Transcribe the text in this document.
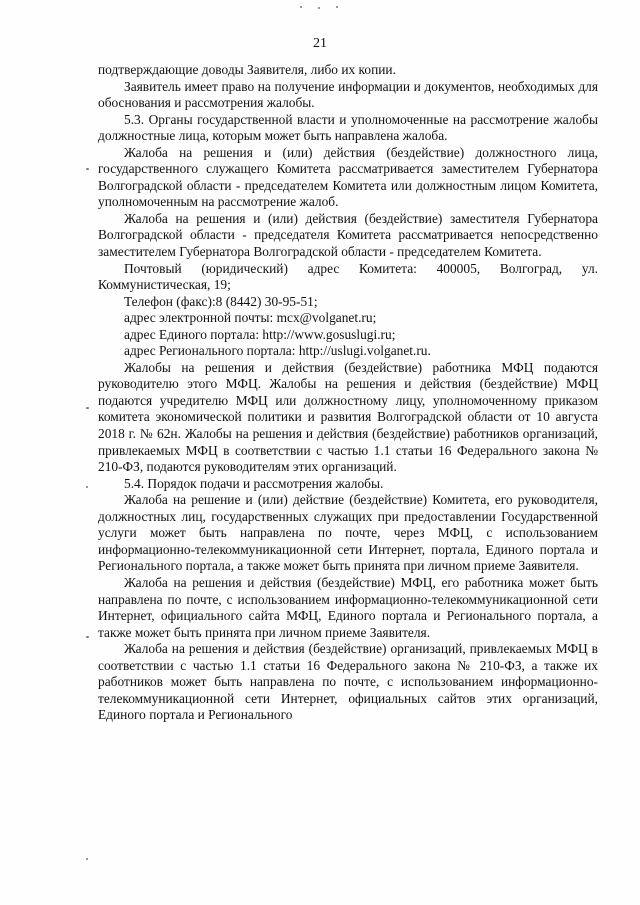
21

подтверждающие доводы Заявителя, либо их копии.

Заявитель имеет право на получение информации и документов, необходимых для обоснования и рассмотрения жалобы.

5.3. Органы государственной власти и уполномоченные на рассмотрение жалобы должностные лица, которым может быть направлена жалоба.

Жалоба на решения и (или) действия (бездействие) должностного лица, государственного служащего Комитета рассматривается заместителем Губернатора Волгоградской области - председателем Комитета или должностным лицом Комитета, уполномоченным на рассмотрение жалоб.

Жалоба на решения и (или) действия (бездействие) заместителя Губернатора Волгоградской области - председателя Комитета рассматривается непосредственно заместителем Губернатора Волгоградской области - председателем Комитета.

Почтовый (юридический) адрес Комитета: 400005, Волгоград, ул. Коммунистическая, 19;

Телефон (факс):8 (8442) 30-95-51;

адрес электронной почты: mcx@volganet.ru;

адрес Единого портала: http://www.gosuslugi.ru;

адрес Регионального портала: http://uslugi.volganet.ru.

Жалобы на решения и действия (бездействие) работника МФЦ подаются руководителю этого МФЦ. Жалобы на решения и действия (бездействие) МФЦ подаются учредителю МФЦ или должностному лицу, уполномоченному приказом комитета экономической политики и развития Волгоградской области от 10 августа 2018 г. № 62н. Жалобы на решения и действия (бездействие) работников организаций, привлекаемых МФЦ в соответствии с частью 1.1 статьи 16 Федерального закона № 210-ФЗ, подаются руководителям этих организаций.

5.4. Порядок подачи и рассмотрения жалобы.

Жалоба на решение и (или) действие (бездействие) Комитета, его руководителя, должностных лиц, государственных служащих при предоставлении Государственной услуги может быть направлена по почте, через МФЦ, с использованием информационно-телекоммуникационной сети Интернет, портала, Единого портала и Регионального портала, а также может быть принята при личном приеме Заявителя.

Жалоба на решения и действия (бездействие) МФЦ, его работника может быть направлена по почте, с использованием информационно-телекоммуникационной сети Интернет, официального сайта МФЦ, Единого портала и Регионального портала, а также может быть принята при личном приеме Заявителя.

Жалоба на решения и действия (бездействие) организаций, привлекаемых МФЦ в соответствии с частью 1.1 статьи 16 Федерального закона № 210-ФЗ, а также их работников может быть направлена по почте, с использованием информационно-телекоммуникационной сети Интернет, официальных сайтов этих организаций, Единого портала и Регионального
